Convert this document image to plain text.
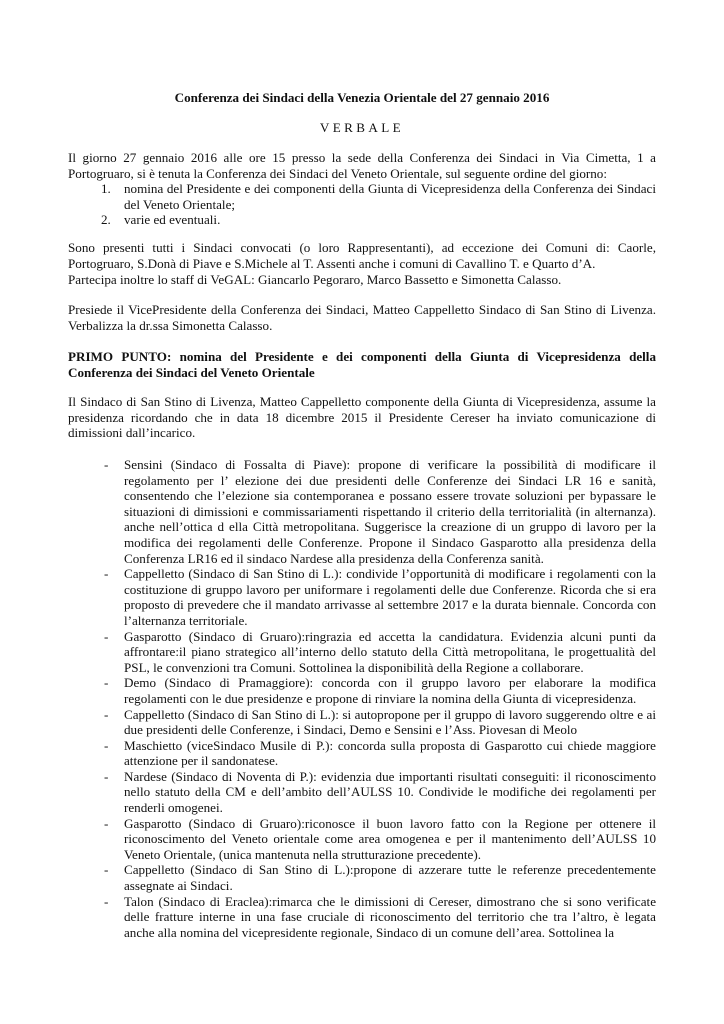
Conferenza dei Sindaci della Venezia Orientale del 27 gennaio 2016

VERBALE

Il giorno 27 gennaio 2016 alle ore 15 presso la sede della Conferenza dei Sindaci in Via Cimetta, 1 a Portogruaro, si è tenuta la Conferenza dei Sindaci del Veneto Orientale, sul seguente ordine del giorno:

1. nomina del Presidente e dei componenti della Giunta di Vicepresidenza della Conferenza dei Sindaci del Veneto Orientale;
2. varie ed eventuali.

Sono presenti tutti i Sindaci convocati (o loro Rappresentanti), ad eccezione dei Comuni di: Caorle, Portogruaro, S.Donà di Piave e S.Michele al T. Assenti anche i comuni di Cavallino T. e Quarto d’A.

Partecipa inoltre lo staff di VeGAL: Giancarlo Pegoraro, Marco Bassetto e Simonetta Calasso.

Presiede il VicePresidente della Conferenza dei Sindaci, Matteo Cappelletto Sindaco di San Stino di Livenza. Verbalizza la dr.ssa Simonetta Calasso.

PRIMO PUNTO: nomina del Presidente e dei componenti della Giunta di Vicepresidenza della Conferenza dei Sindaci del Veneto Orientale

Il Sindaco di San Stino di Livenza, Matteo Cappelletto componente della Giunta di Vicepresidenza, assume la presidenza ricordando che in data 18 dicembre 2015 il Presidente Cereser ha inviato comunicazione di dimissioni dall’incarico.

- Sensini (Sindaco di Fossalta di Piave): propone di verificare la possibilità di modificare il regolamento per l’ elezione dei due presidenti delle Conferenze dei Sindaci LR 16 e sanità, consentendo che l’elezione sia contemporanea e possano essere trovate soluzioni per bypassare le situazioni di dimissioni e commissariamenti rispettando il criterio della territorialità (in alternanza). anche nell’ottica d ella Città metropolitana. Suggerisce la creazione di un gruppo di lavoro per la modifica dei regolamenti delle Conferenze. Propone il Sindaco Gasparotto alla presidenza della Conferenza LR16 ed il sindaco Nardese alla presidenza della Conferenza sanità.
- Cappelletto (Sindaco di San Stino di L.): condivide l’opportunità di modificare i regolamenti con la costituzione di gruppo lavoro per uniformare i regolamenti delle due Conferenze. Ricorda che si era proposto di prevedere che il mandato arrivasse al settembre 2017 e la durata biennale. Concorda con l’alternanza territoriale.
- Gasparotto (Sindaco di Gruaro):ringrazia ed accetta la candidatura. Evidenzia alcuni punti da affrontare:il piano strategico all’interno dello statuto della Città metropolitana, le progettualità del PSL, le convenzioni tra Comuni. Sottolinea la disponibilità della Regione a collaborare.
- Demo (Sindaco di Pramaggiore): concorda con il gruppo lavoro per elaborare la modifica regolamenti con le due presidenze e propone di rinviare la nomina della Giunta di vicepresidenza.
- Cappelletto (Sindaco di San Stino di L.): si autopropone per il gruppo di lavoro suggerendo oltre e ai due presidenti delle Conferenze, i Sindaci, Demo e Sensini e l’Ass. Piovesan di Meolo
- Maschietto (viceSindaco Musile di P.): concorda sulla proposta di Gasparotto cui chiede maggiore attenzione per il sandonatese.
- Nardese (Sindaco di Noventa di P.): evidenzia due importanti risultati conseguiti: il riconoscimento nello statuto della CM e dell’ambito dell’AULSS 10. Condivide le modifiche dei regolamenti per renderli omogenei.
- Gasparotto (Sindaco di Gruaro):riconosce il buon lavoro fatto con la Regione per ottenere il riconoscimento del Veneto orientale come area omogenea e per il mantenimento dell’AULSS 10 Veneto Orientale, (unica mantenuta nella strutturazione precedente).
- Cappelletto (Sindaco di San Stino di L.):propone di azzerare tutte le referenze precedentemente assegnate ai Sindaci.
- Talon (Sindaco di Eraclea):rimarca che le dimissioni di Cereser, dimostrano che si sono verificate delle fratture interne in una fase cruciale di riconoscimento del territorio che tra l’altro, è legata anche alla nomina del vicepresidente regionale, Sindaco di un comune dell’area. Sottolinea la
